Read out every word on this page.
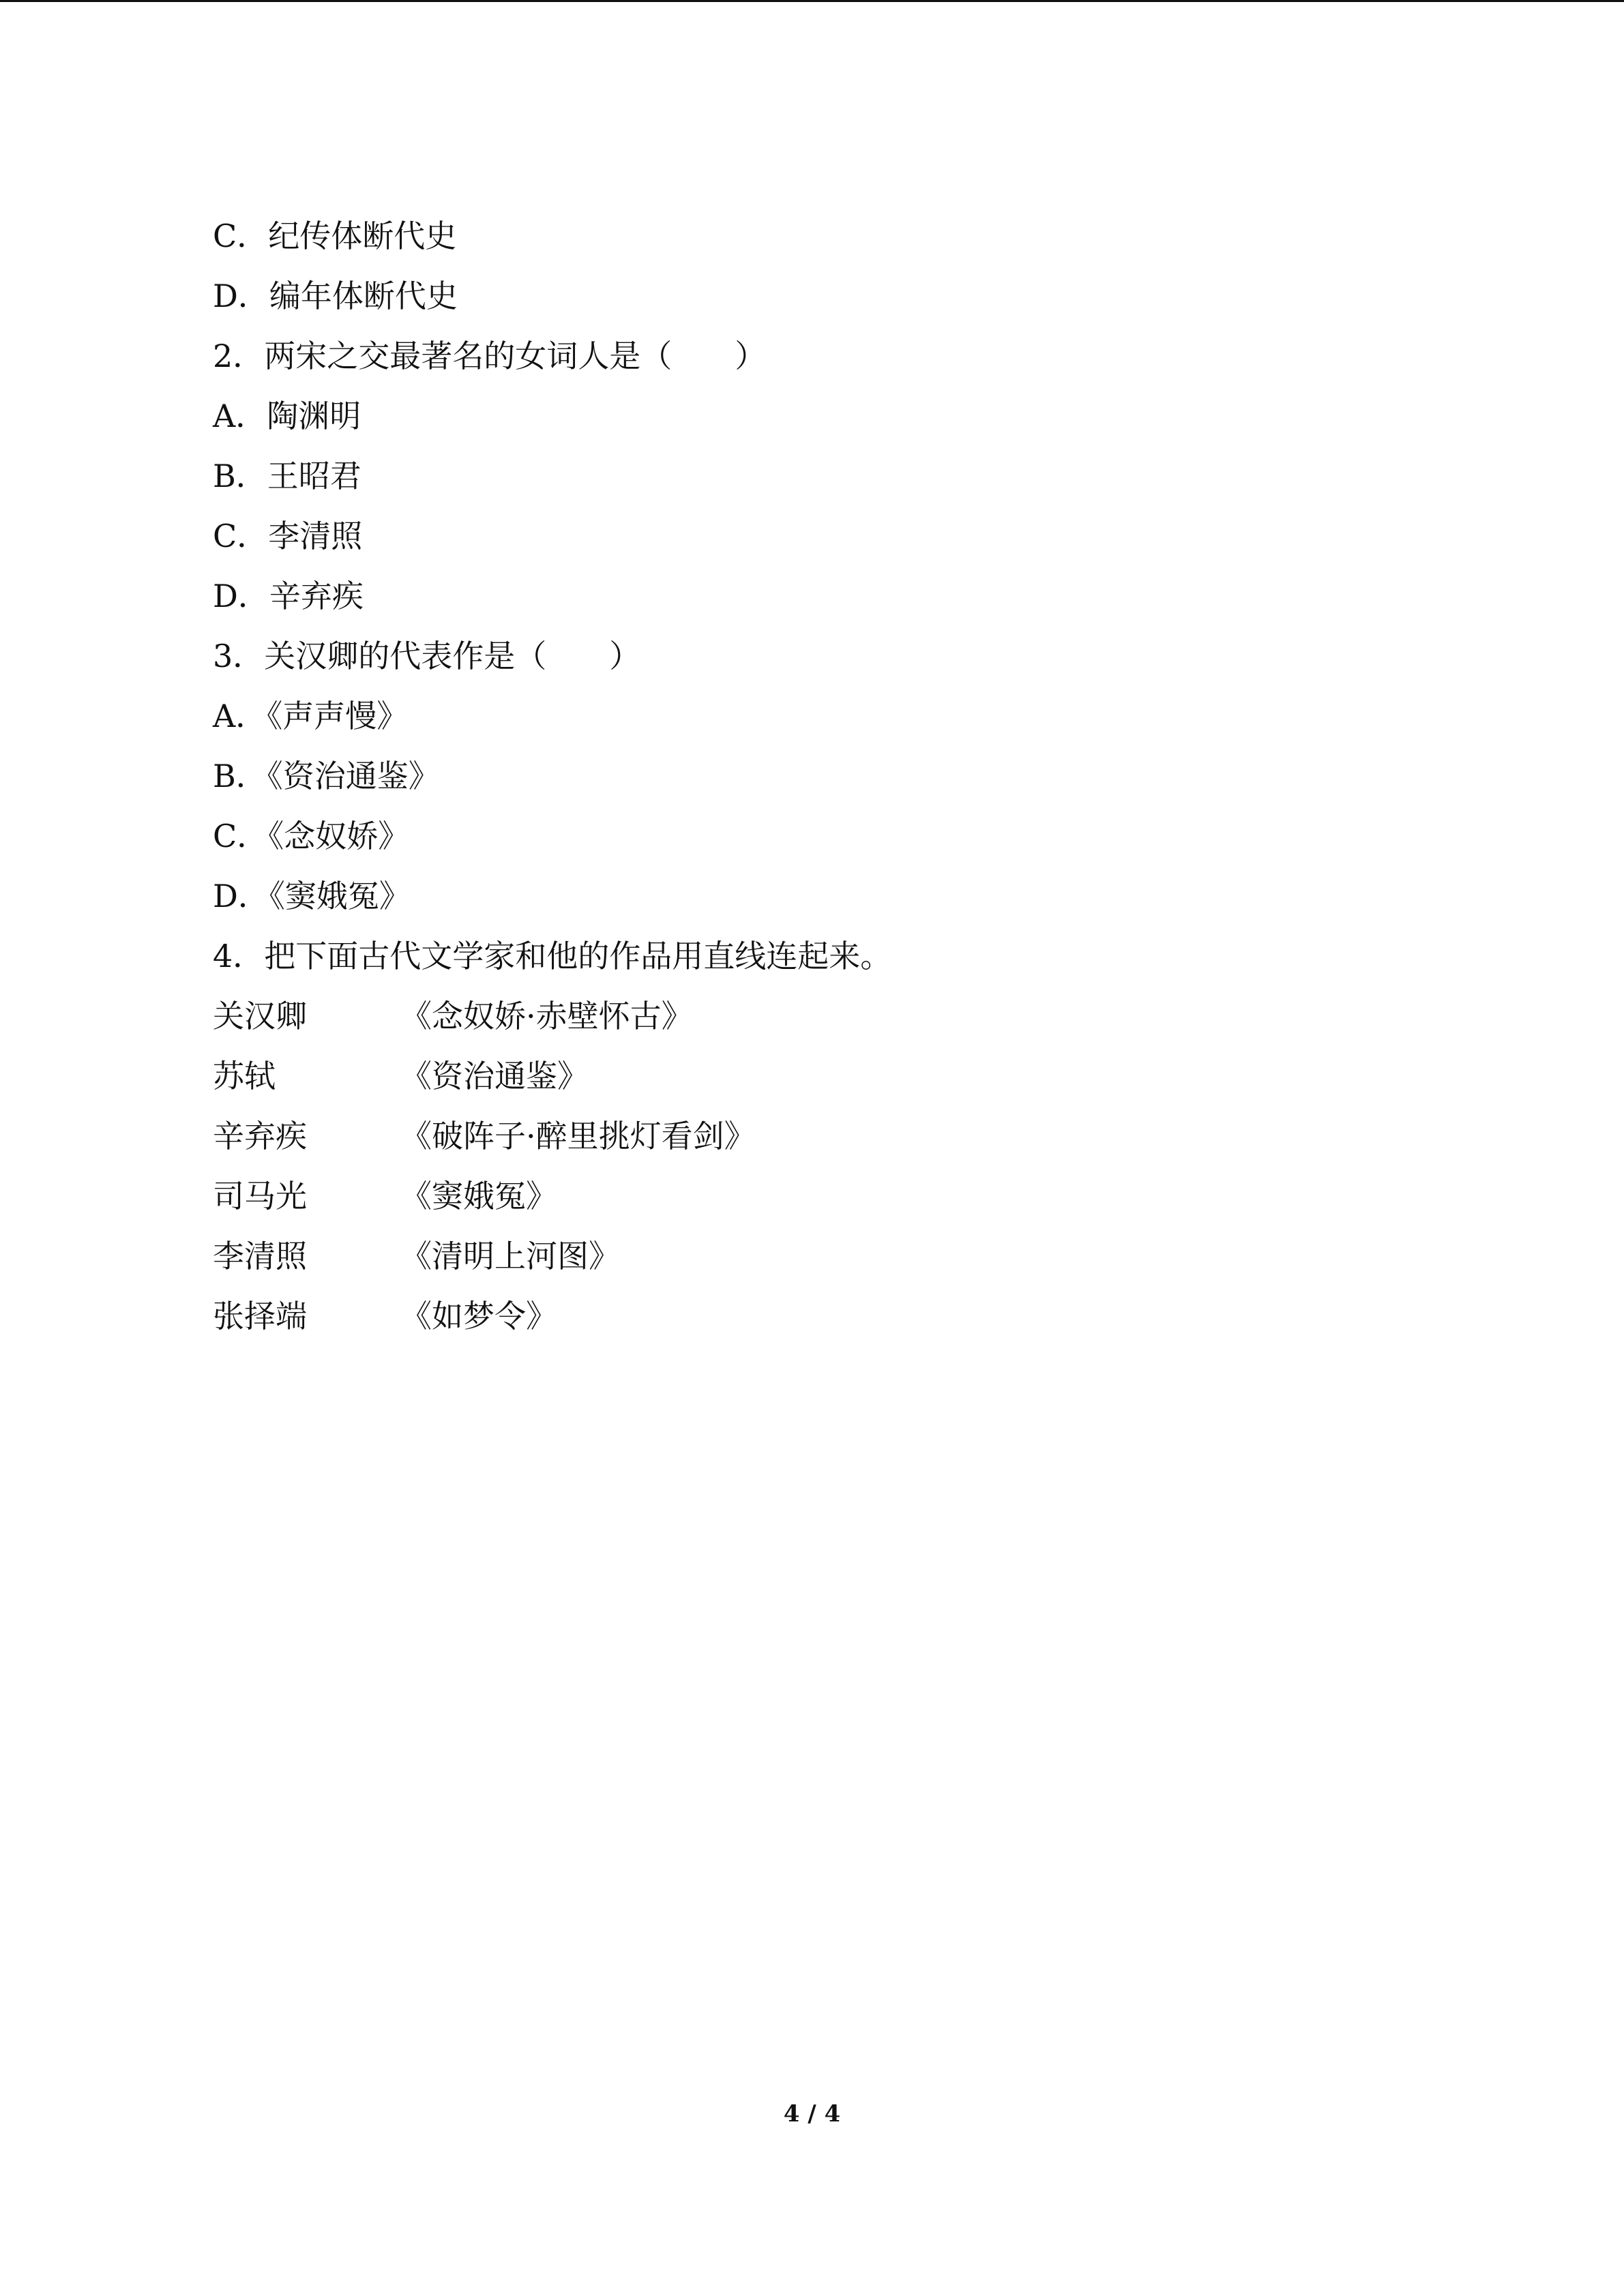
C．纪传体断代史
D．编年体断代史
2．两宋之交最著名的女词人是（　　）
A．陶渊明
B．王昭君
C．李清照
D．辛弃疾
3．关汉卿的代表作是（　　）
A．《声声慢》
B．《资治通鉴》
C．《念奴娇》
D．《窦娥冤》
4．把下面古代文学家和他的作品用直线连起来。
关汉卿	《念奴娇·赤壁怀古》
苏轼	《资治通鉴》
辛弃疾	《破阵子·醉里挑灯看剑》
司马光	《窦娥冤》
李清照	《清明上河图》
张择端	《如梦令》
4 / 4
